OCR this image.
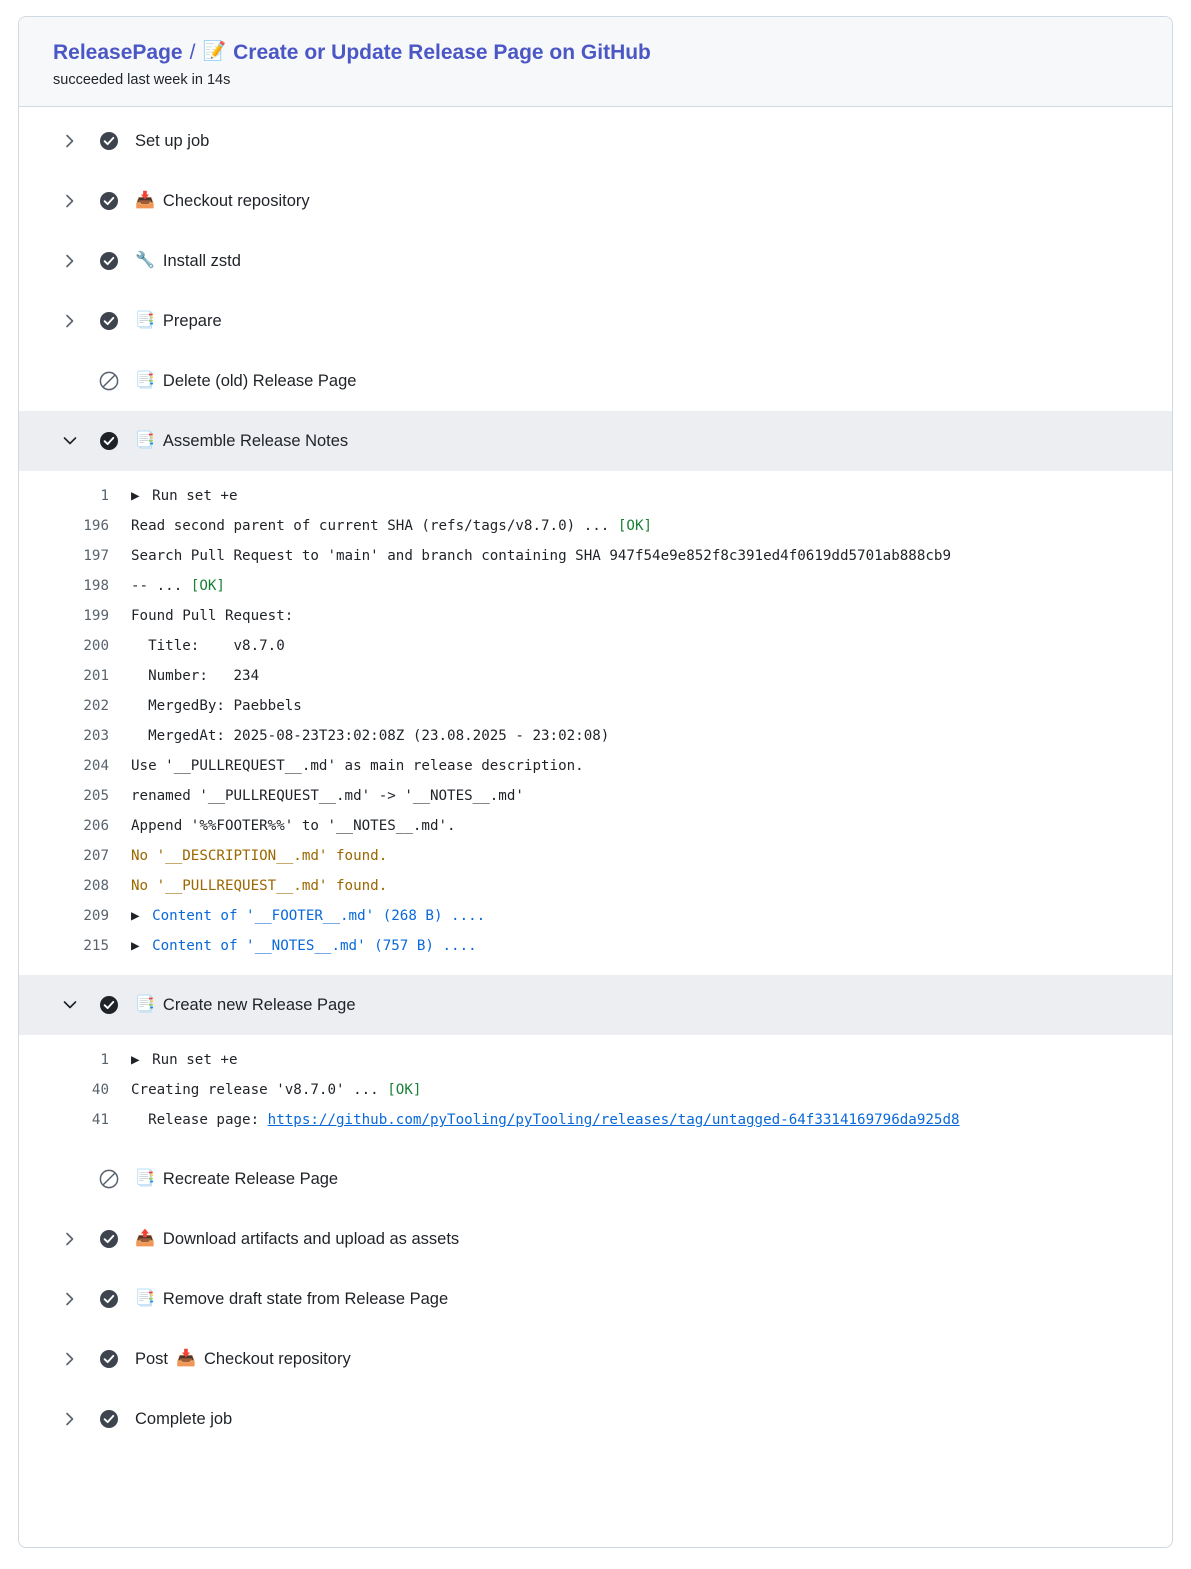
ReleasePage / 📝 Create or Update Release Page on GitHub
succeeded last week in 14s
Set up job
📥 Checkout repository
🔧 Install zstd
📑 Prepare
📑 Delete (old) Release Page
📑 Assemble Release Notes
1	▶ Run set +e
196	Read second parent of current SHA (refs/tags/v8.7.0) ... [OK]
197	Search Pull Request to 'main' and branch containing SHA 947f54e9e852f8c391ed4f0619dd5701ab888cb9
198	-- ... [OK]
199	Found Pull Request:
200	Title:    v8.7.0
201	Number:   234
202	MergedBy: Paebbels
203	MergedAt: 2025-08-23T23:02:08Z (23.08.2025 - 23:02:08)
204	Use '__PULLREQUEST__.md' as main release description.
205	renamed '__PULLREQUEST__.md' -> '__NOTES__.md'
206	Append '%%FOOTER%%' to '__NOTES__.md'.
207	No '__DESCRIPTION__.md' found.
208	No '__PULLREQUEST__.md' found.
209	▶ Content of '__FOOTER__.md' (268 B) ....
215	▶ Content of '__NOTES__.md' (757 B) ....
📑 Create new Release Page
1	▶ Run set +e
40	Creating release 'v8.7.0' ... [OK]
41	Release page: https://github.com/pyTooling/pyTooling/releases/tag/untagged-64f3314169796da925d8
📑 Recreate Release Page
📤 Download artifacts and upload as assets
📑 Remove draft state from Release Page
Post 📥 Checkout repository
Complete job
